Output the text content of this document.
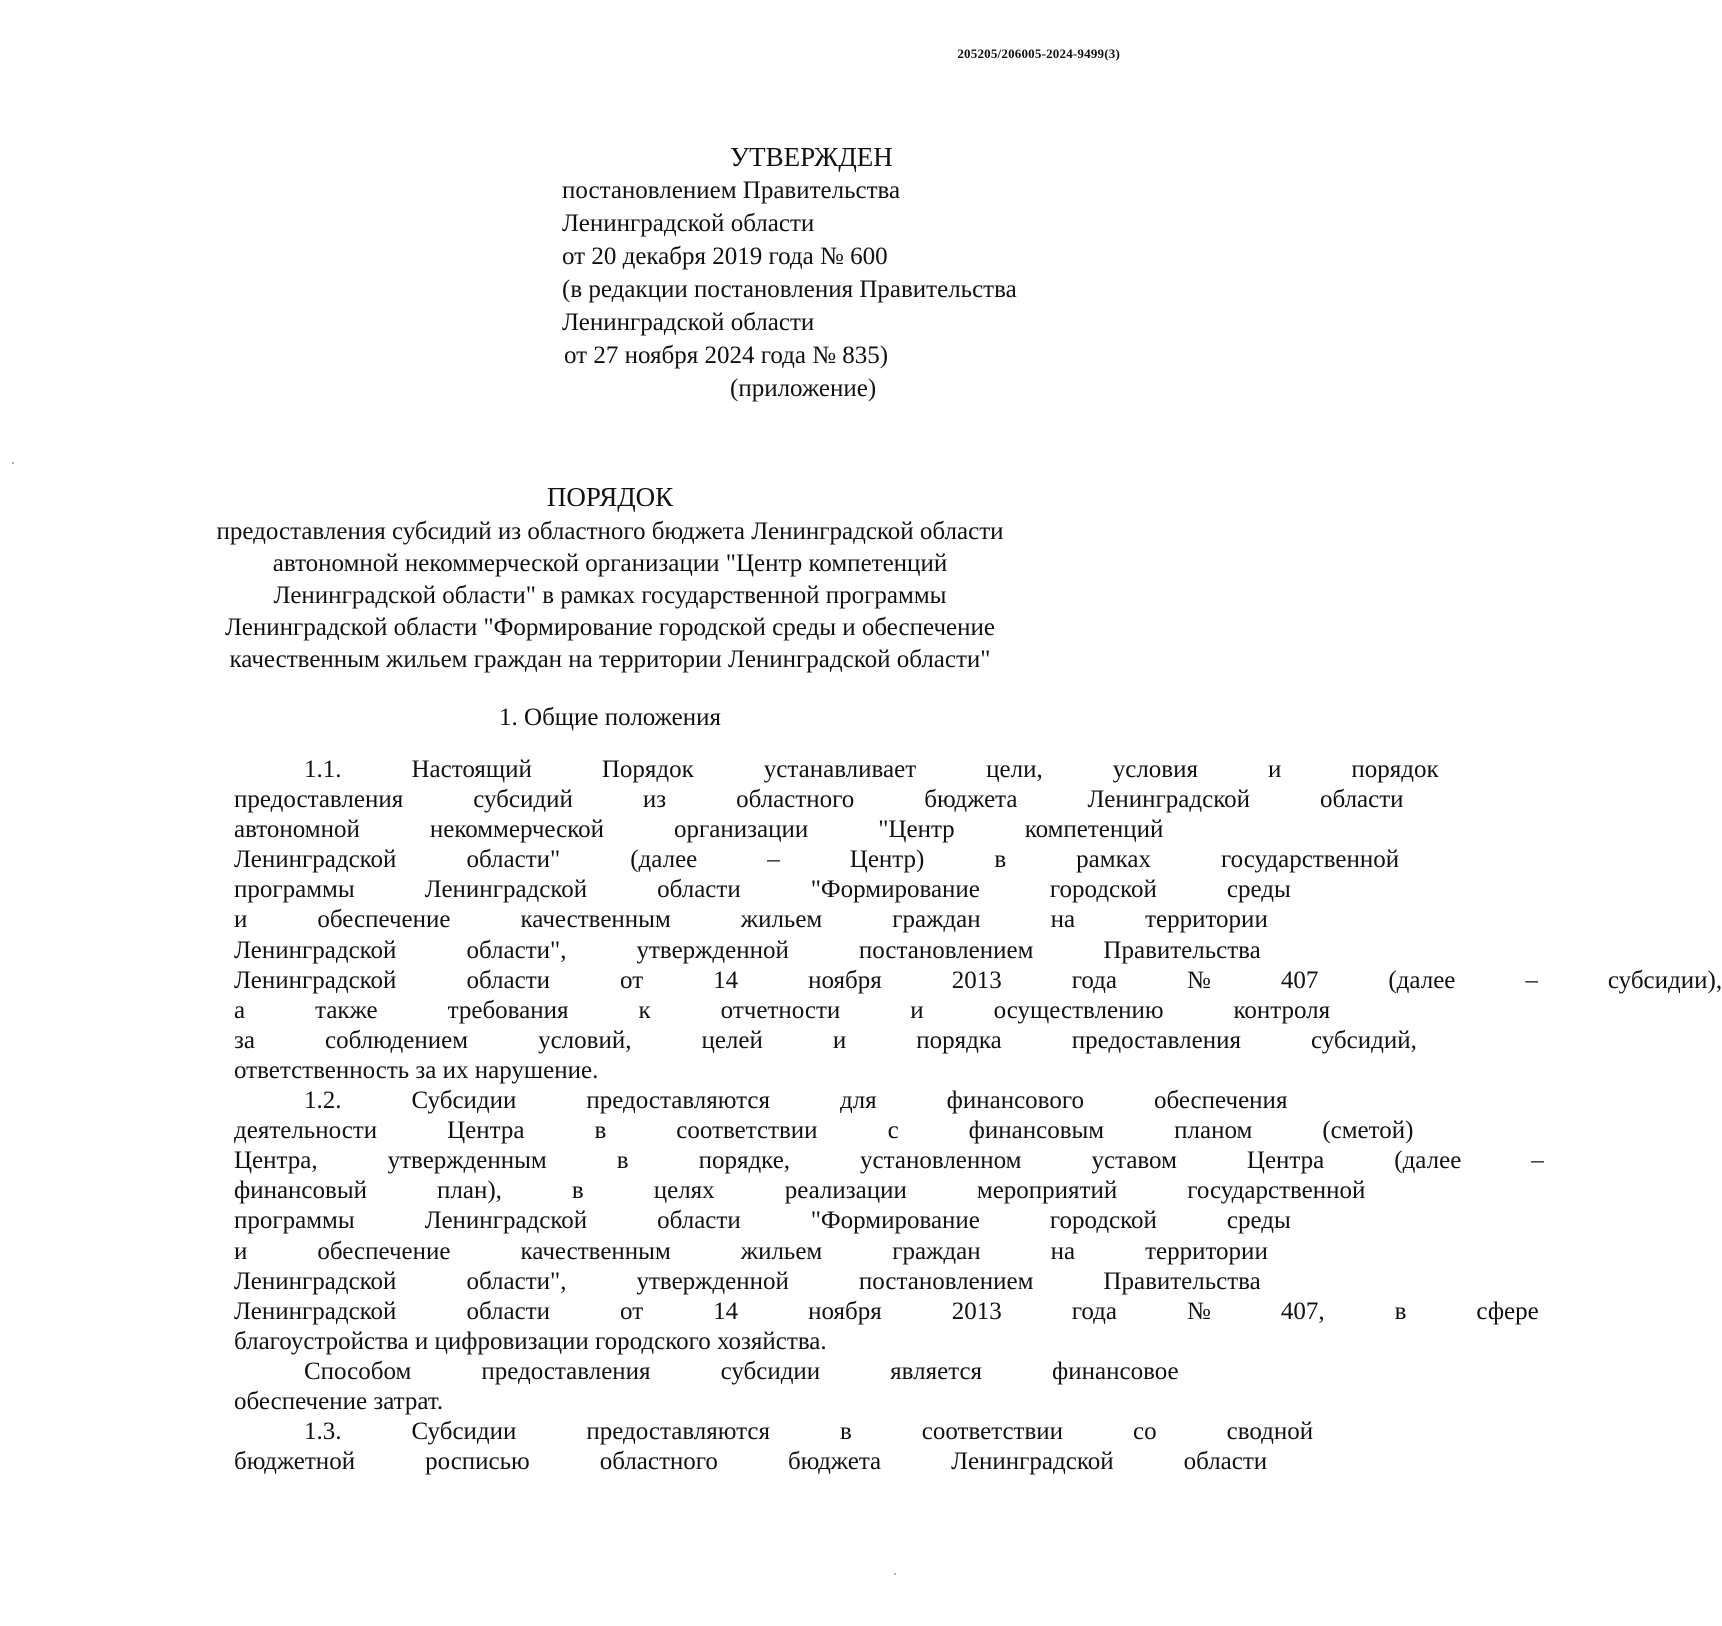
205205/206005-2024-9499(3)
УТВЕРЖДЕН
постановлением Правительства
Ленинградской области
от 20 декабря 2019 года № 600
(в редакции постановления Правительства
Ленинградской области
от 27 ноября 2024 года № 835)
(приложение)
ПОРЯДОК
предоставления субсидий из областного бюджета Ленинградской области
автономной некоммерческой организации "Центр компетенций
Ленинградской области" в рамках государственной программы
Ленинградской области "Формирование городской среды и обеспечение
качественным жильем граждан на территории Ленинградской области"
1. Общие положения
1.1.	Настоящий	Порядок	устанавливает	цели,	условия	и	порядок
предоставления	субсидий	из	областного	бюджета	Ленинградской	области
автономной	некоммерческой	организации	"Центр	компетенций
Ленинградской	области"	(далее	–	Центр)	в	рамках	государственной
программы	Ленинградской	области	"Формирование	городской	среды
и	обеспечение	качественным	жильем	граждан	на	территории
Ленинградской	области",	утвержденной	постановлением	Правительства
Ленинградской	области	от	14	ноября	2013	года	№	407	(далее	–	субсидии),
а	также	требования	к	отчетности	и	осуществлению	контроля
за	соблюдением	условий,	целей	и	порядка	предоставления	субсидий,
ответственность за их нарушение.
1.2.	Субсидии	предоставляются	для	финансового	обеспечения
деятельности	Центра	в	соответствии	с	финансовым	планом	(сметой)
Центра,	утвержденным	в	порядке,	установленном	уставом	Центра	(далее	–
финансовый	план),	в	целях	реализации	мероприятий	государственной
программы	Ленинградской	области	"Формирование	городской	среды
и	обеспечение	качественным	жильем	граждан	на	территории
Ленинградской	области",	утвержденной	постановлением	Правительства
Ленинградской	области	от	14	ноября	2013	года	№	407,	в	сфере
благоустройства и цифровизации городского хозяйства.
Способом	предоставления	субсидии	является	финансовое
обеспечение затрат.
1.3.	Субсидии	предоставляются	в	соответствии	со	сводной
бюджетной	росписью	областного	бюджета	Ленинградской	области
